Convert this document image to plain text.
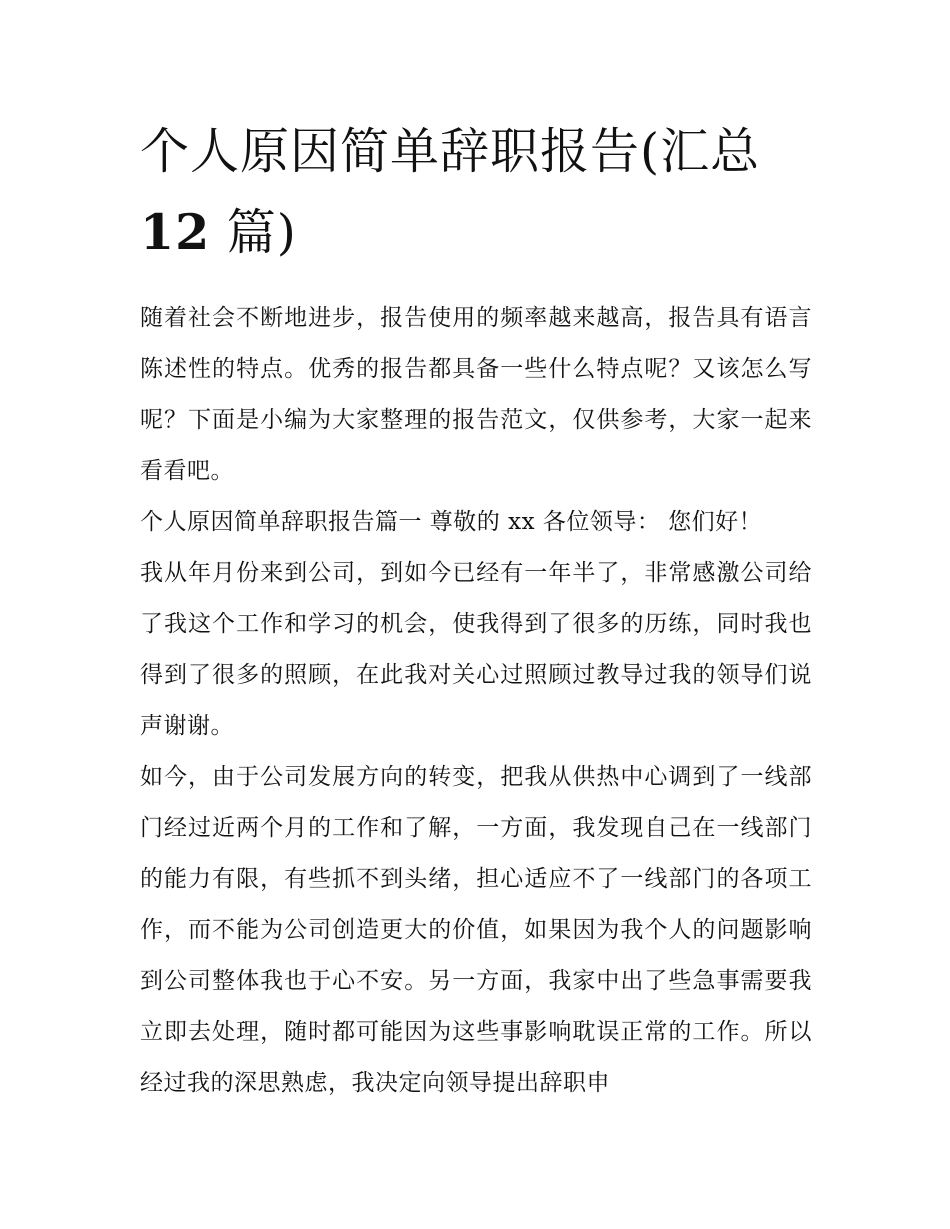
个人原因简单辞职报告(汇总
12 篇)

随着社会不断地进步，报告使用的频率越来越高，报告具有语言陈述性的特点。优秀的报告都具备一些什么特点呢？又该怎么写呢？下面是小编为大家整理的报告范文，仅供参考，大家一起来看看吧。

个人原因简单辞职报告篇一 尊敬的 xx 各位领导： 您们好！

我从年月份来到公司，到如今已经有一年半了，非常感激公司给了我这个工作和学习的机会，使我得到了很多的历练，同时我也得到了很多的照顾，在此我对关心过照顾过教导过我的领导们说声谢谢。

如今，由于公司发展方向的转变，把我从供热中心调到了一线部门经过近两个月的工作和了解，一方面，我发现自己在一线部门的能力有限，有些抓不到头绪，担心适应不了一线部门的各项工作，而不能为公司创造更大的价值，如果因为我个人的问题影响到公司整体我也于心不安。另一方面，我家中出了些急事需要我立即去处理，随时都可能因为这些事影响耽误正常的工作。所以经过我的深思熟虑，我决定向领导提出辞职申
